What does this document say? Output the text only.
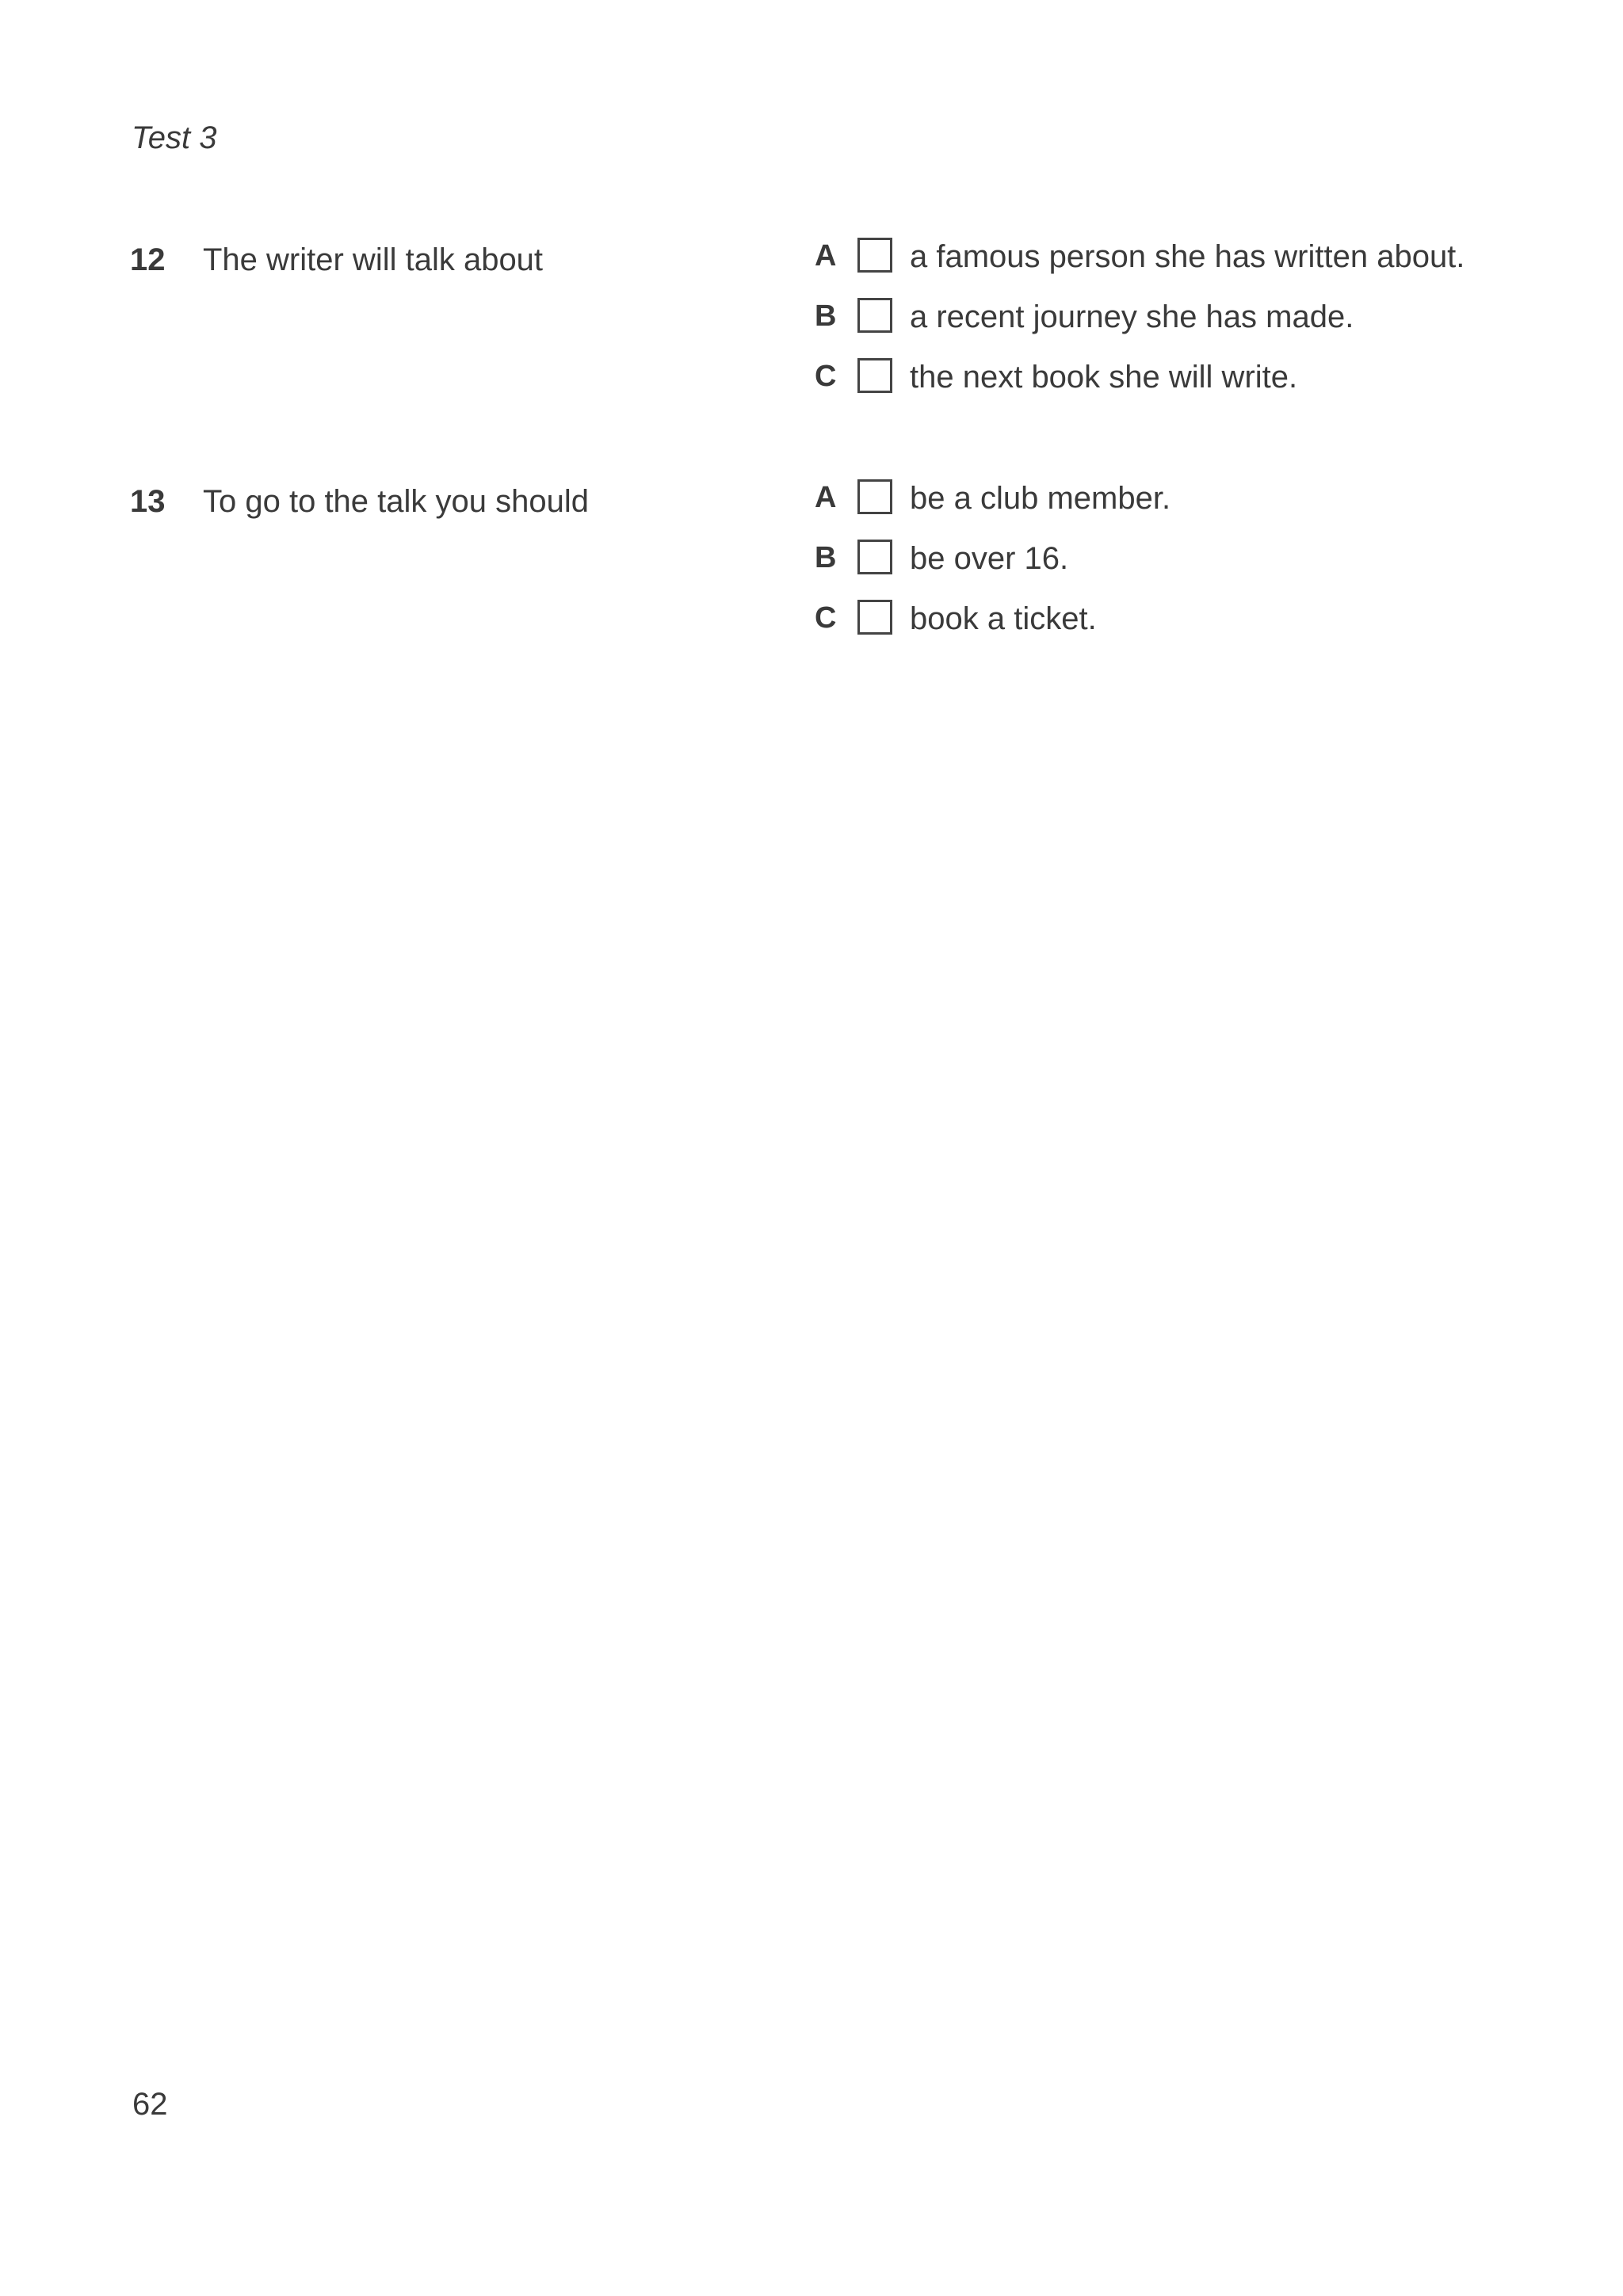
Test 3
12 The writer will talk about	A a famous person she has written about.
B a recent journey she has made.
C the next book she will write.
13 To go to the talk you should	A be a club member.
B be over 16.
C book a ticket.
62
